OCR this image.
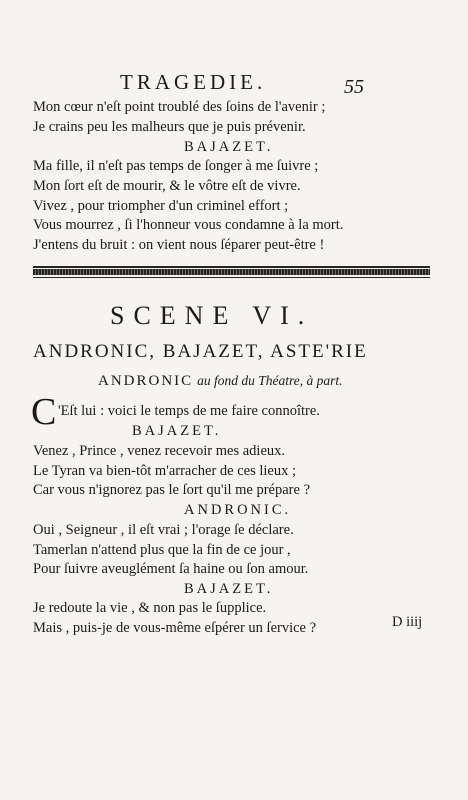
TRAGEDIE.	55
Mon cœur n'eſt point troublé des ſoins de l'avenir ;
Je crains peu les malheurs que je puis prévenir.
BAJAZET.
Ma fille, il n'eſt pas temps de ſonger à me ſuivre ;
Mon ſort eſt de mourir, & le vôtre eſt de vivre.
Vivez , pour triompher d'un criminel effort ;
Vous mourrez , ſi l'honneur vous condamne à la mort.
J'entens du bruit : on vient nous ſéparer peut-être !
SCENE VI.
ANDRONIC, BAJAZET, ASTE'RIE
ANDRONIC au fond du Théatre, à part.
C 'Eſt lui : voici le temps de me faire connoître.
BAJAZET.
Venez , Prince , venez recevoir mes adieux.
Le Tyran va bien-tôt m'arracher de ces lieux ;
Car vous n'ignorez pas le ſort qu'il me prépare ?
ANDRONIC.
Oui , Seigneur , il eſt vrai ; l'orage ſe déclare.
Tamerlan n'attend plus que la fin de ce jour ,
Pour ſuivre aveuglément ſa haine ou ſon amour.
BAJAZET.
Je redoute la vie , & non pas le ſupplice.
Mais , puis-je de vous-même eſpérer un ſervice ?	D iiij
